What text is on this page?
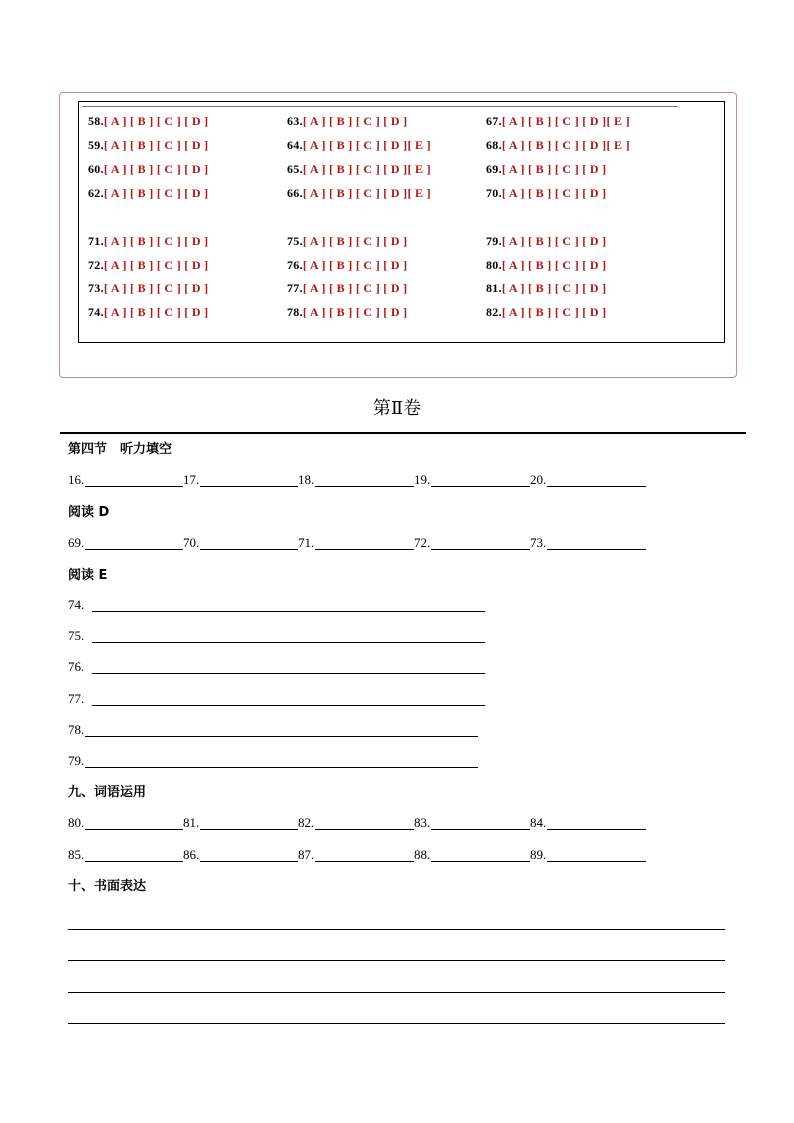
58.[ A ] [ B ] [ C ] [ D ]	63.[ A ] [ B ] [ C ] [ D ]	67.[ A ] [ B ] [ C ] [ D ][ E ]
59.[ A ] [ B ] [ C ] [ D ]	64.[ A ] [ B ] [ C ] [ D ][ E ]	68.[ A ] [ B ] [ C ] [ D ][ E ]
60.[ A ] [ B ] [ C ] [ D ]	65.[ A ] [ B ] [ C ] [ D ][ E ]	69.[ A ] [ B ] [ C ] [ D ]
62.[ A ] [ B ] [ C ] [ D ]	66.[ A ] [ B ] [ C ] [ D ][ E ]	70.[ A ] [ B ] [ C ] [ D ]
71.[ A ] [ B ] [ C ] [ D ]	75.[ A ] [ B ] [ C ] [ D ]	79.[ A ] [ B ] [ C ] [ D ]
72.[ A ] [ B ] [ C ] [ D ]	76.[ A ] [ B ] [ C ] [ D ]	80.[ A ] [ B ] [ C ] [ D ]
73.[ A ] [ B ] [ C ] [ D ]	77.[ A ] [ B ] [ C ] [ D ]	81.[ A ] [ B ] [ C ] [ D ]
74.[ A ] [ B ] [ C ] [ D ]	78.[ A ] [ B ] [ C ] [ D ]	82.[ A ] [ B ] [ C ] [ D ]
第Ⅱ卷
第四节　听力填空
16.	17.	18.	19.	20.
阅读 D
69.	70.	71.	72.	73.
阅读 E
74.
75.
76.
77.
78.
79.
九、词语运用
80.	81.	82.	83.	84.
85.	86.	87.	88.	89.
十、书面表达
